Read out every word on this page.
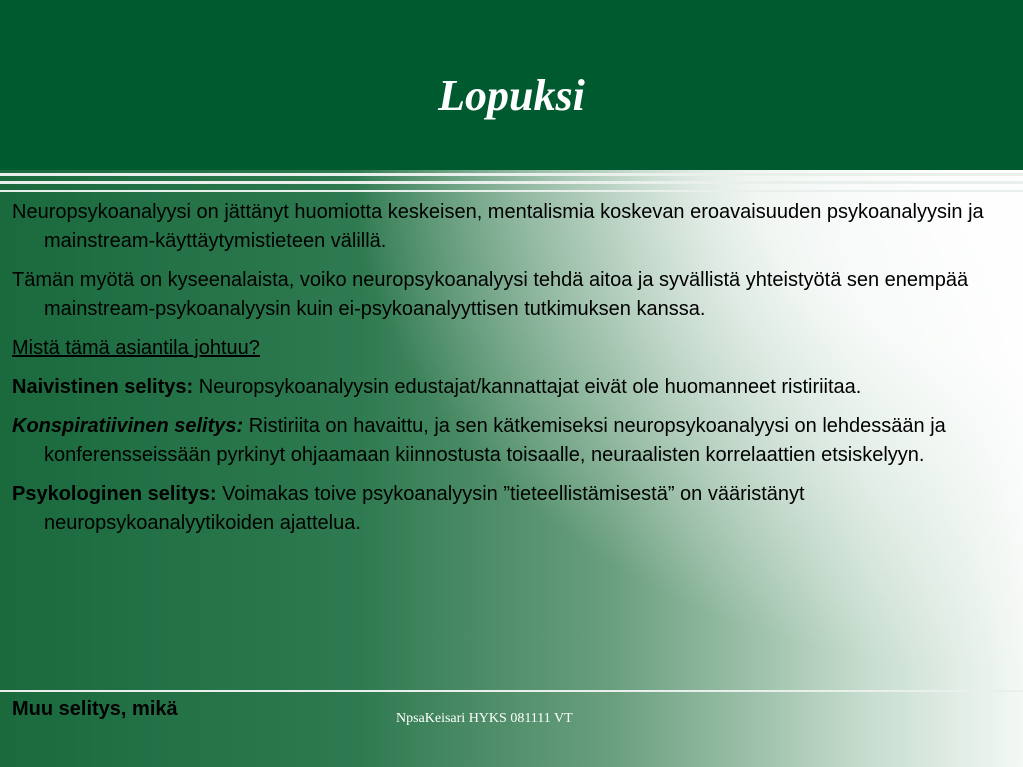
Lopuksi

Neuropsykoanalyysi on jättänyt huomiotta keskeisen, mentalismia koskevan eroavaisuuden psykoanalyysin ja mainstream-käyttäytymistieteen välillä.

Tämän myötä on kyseenalaista, voiko neuropsykoanalyysi tehdä aitoa ja syvällistä yhteistyötä sen enempää mainstream-psykoanalyysin kuin ei-psykoanalyyttisen tutkimuksen kanssa.

Mistä tämä asiantila johtuu?

Naivistinen selitys: Neuropsykoanalyysin edustajat/kannattajat eivät ole huomanneet ristiriitaa.

Konspiratiivinen selitys: Ristiriita on havaittu, ja sen kätkemiseksi neuropsykoanalyysi on lehdessään ja konferensseissään pyrkinyt ohjaamaan kiinnostusta toisaalle, neuraalisten korrelaattien etsiskelyyn.

Psykologinen selitys: Voimakas toive psykoanalyysin ”tieteellistämisestä” on vääristänyt neuropsykoanalyytikoiden ajattelua.

Muu selitys, mikä	NpsaKeisari HYKS 081111 VT
